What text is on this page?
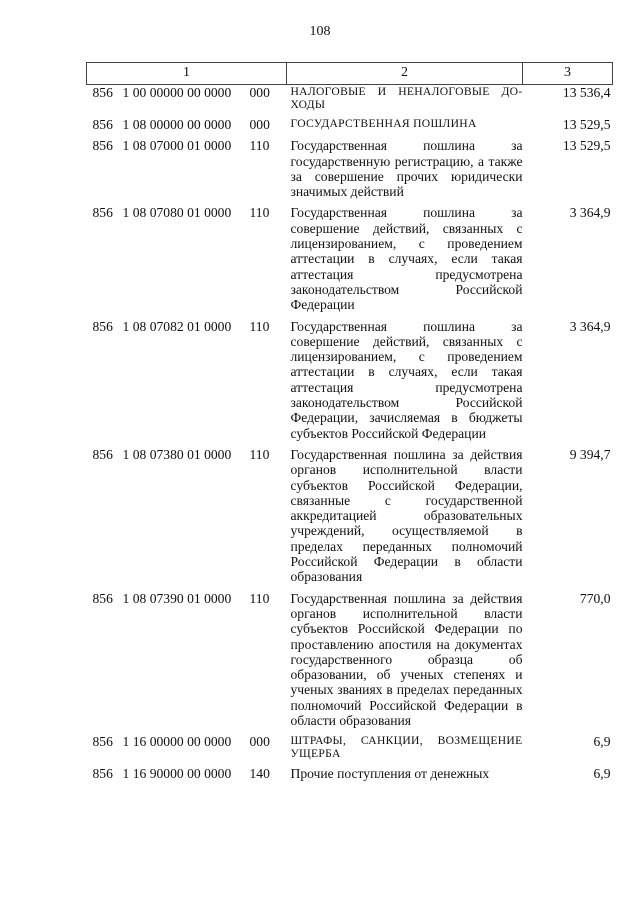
108
1	2	3
856 1 00 00000 00 0000 000	НАЛОГОВЫЕ И НЕНАЛОГОВЫЕ ДО-ХОДЫ	13 536,4
856 1 08 00000 00 0000 000	ГОСУДАРСТВЕННАЯ ПОШЛИНА	13 529,5
856 1 08 07000 01 0000 110	Государственная пошлина за государственную регистрацию, а также за совершение прочих юридически значимых действий	13 529,5
856 1 08 07080 01 0000 110	Государственная пошлина за совершение действий, связанных с лицензированием, с проведением аттестации в случаях, если такая аттестация предусмотрена законодательством Российской Федерации	3 364,9
856 1 08 07082 01 0000 110	Государственная пошлина за совершение действий, связанных с лицензированием, с проведением аттестации в случаях, если такая аттестация предусмотрена законодательством Российской Федерации, зачисляемая в бюджеты субъектов Российской Федерации	3 364,9
856 1 08 07380 01 0000 110	Государственная пошлина за действия органов исполнительной власти субъектов Российской Федерации, связанные с государственной аккредитацией образовательных учреждений, осуществляемой в пределах переданных полномочий Российской Федерации в области образования	9 394,7
856 1 08 07390 01 0000 110	Государственная пошлина за действия органов исполнительной власти субъектов Российской Федерации по проставлению апостиля на документах государственного образца об образовании, об ученых степенях и ученых званиях в пределах переданных полномочий Российской Федерации в области образования	770,0
856 1 16 00000 00 0000 000	ШТРАФЫ, САНКЦИИ, ВОЗМЕЩЕНИЕ УЩЕРБА	6,9
856 1 16 90000 00 0000 140	Прочие поступления от денежных	6,9
